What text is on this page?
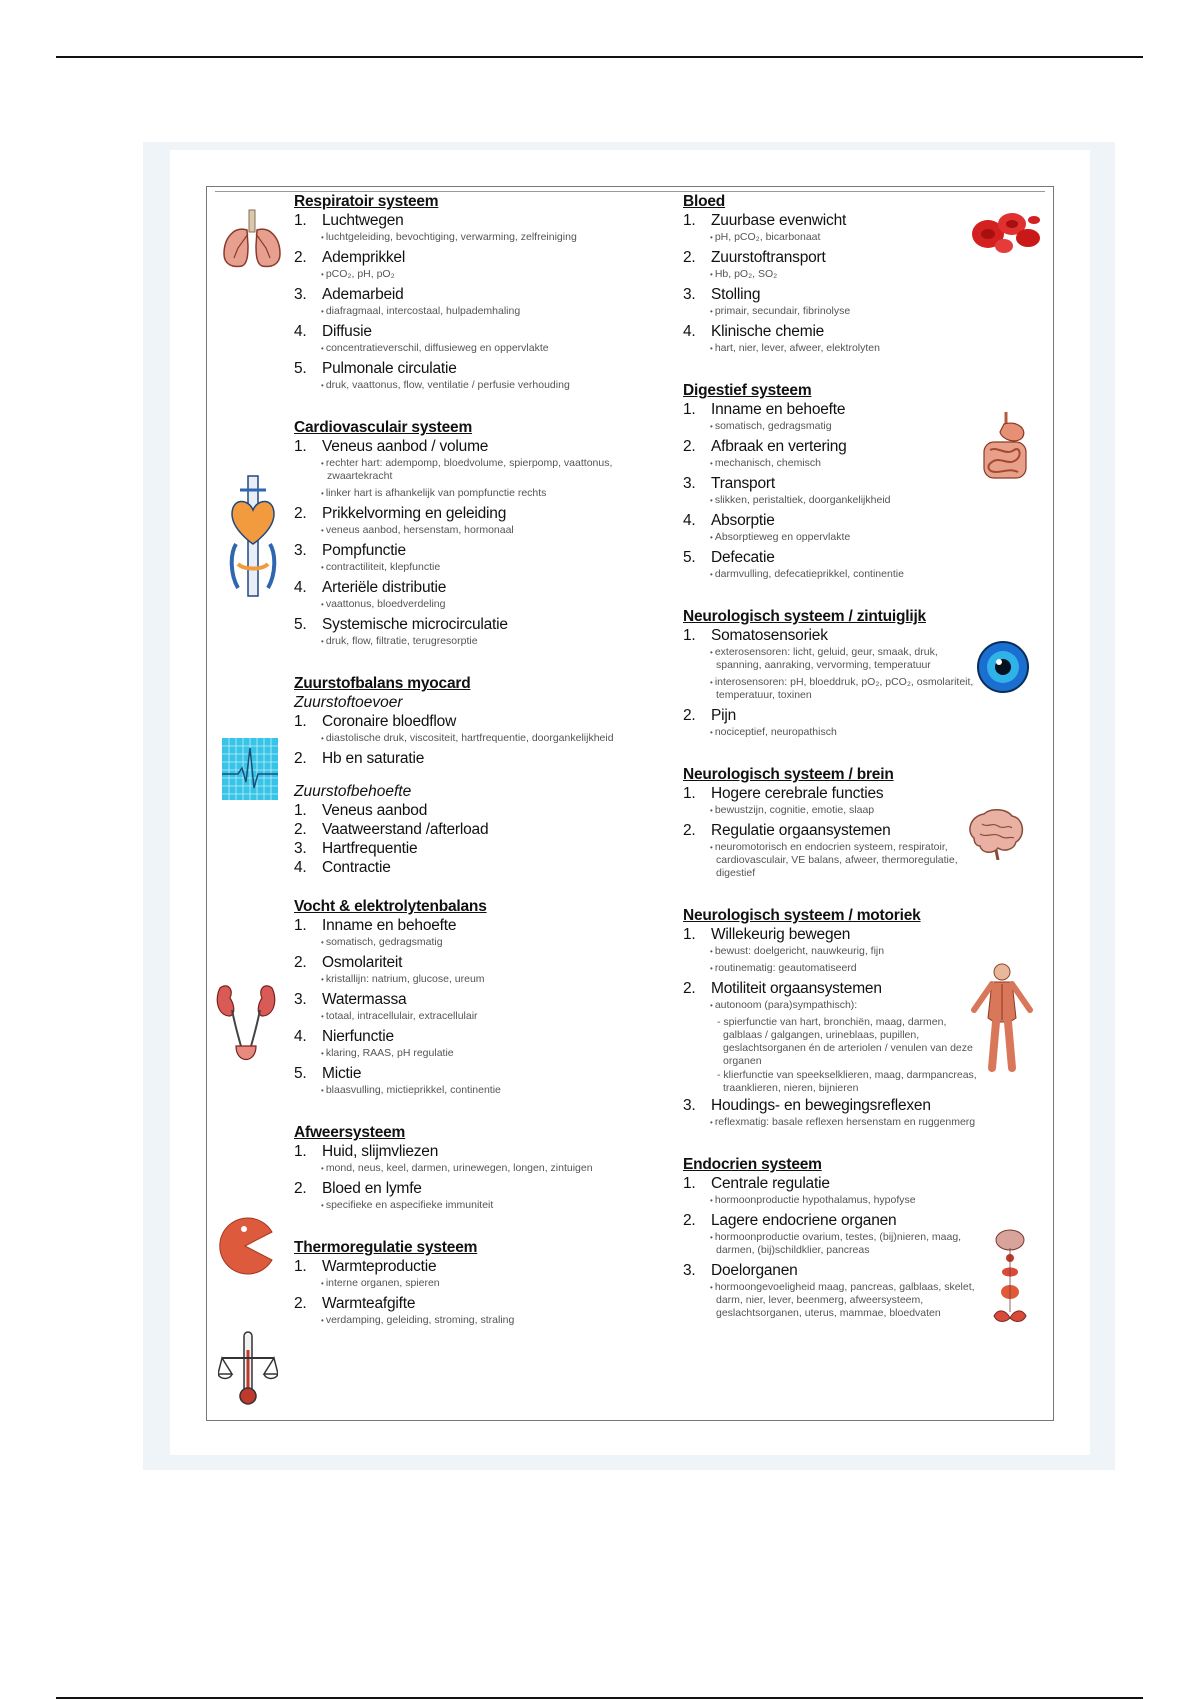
Respiratoir systeem
1. Luchtwegen
• luchtgeleiding, bevochtiging, verwarming, zelfreiniging
2. Ademprikkel
• pCO₂, pH, pO₂
3. Ademarbeid
• diafragmaal, intercostaal, hulpademhaling
4. Diffusie
• concentratieverschil, diffusieweg en oppervlakte
5. Pulmonale circulatie
• druk, vaattonus, flow, ventilatie / perfusie verhouding
Cardiovasculair systeem
1. Veneus aanbod / volume
• rechter hart: adempomp, bloedvolume, spierpomp, vaattonus, zwaartekracht
• linker hart is afhankelijk van pompfunctie rechts
2. Prikkelvorming en geleiding
• veneus aanbod, hersenstam, hormonaal
3. Pompfunctie
• contractiliteit, klepfunctie
4. Arteriële distributie
• vaattonus, bloedverdeling
5. Systemische microcirculatie
• druk, flow, filtratie, terugresorptie
Zuurstofbalans myocard
Zuurstoftoevoer
1. Coronaire bloedflow
• diastolische druk, viscositeit, hartfrequentie, doorgankelijkheid
2. Hb en saturatie
Zuurstofbehoefte
1. Veneus aanbod
2. Vaatweerstand /afterload
3. Hartfrequentie
4. Contractie
Vocht & elektrolytenbalans
1. Inname en behoefte
• somatisch, gedragsmatig
2. Osmolariteit
• kristallijn: natrium, glucose, ureum
3. Watermassa
• totaal, intracellulair, extracellulair
4. Nierfunctie
• klaring, RAAS, pH regulatie
5. Mictie
• blaasvulling, mictieprikkel, continentie
Afweersysteem
1. Huid, slijmvliezen
• mond, neus, keel, darmen, urinewegen, longen, zintuigen
2. Bloed en lymfe
• specifieke en aspecifieke immuniteit
Thermoregulatie systeem
1. Warmteproductie
• interne organen, spieren
2. Warmteafgifte
• verdamping, geleiding, stroming, straling
Bloed
1. Zuurbase evenwicht
• pH, pCO₂, bicarbonaat
2. Zuurstoftransport
• Hb, pO₂, SO₂
3. Stolling
• primair, secundair, fibrinolyse
4. Klinische chemie
• hart, nier, lever, afweer, elektrolyten
Digestief systeem
1. Inname en behoefte
• somatisch, gedragsmatig
2. Afbraak en vertering
• mechanisch, chemisch
3. Transport
• slikken, peristaltiek, doorgankelijkheid
4. Absorptie
• Absorptieweg en oppervlakte
5. Defecatie
• darmvulling, defecatieprikkel, continentie
Neurologisch systeem / zintuiglijk
1. Somatosensoriek
• exterosensoren: licht, geluid, geur, smaak, druk, spanning, aanraking, vervorming, temperatuur
• interosensoren: pH, bloeddruk, pO₂, pCO₂, osmolariteit, temperatuur, toxinen
2. Pijn
• nociceptief, neuropathisch
Neurologisch systeem / brein
1. Hogere cerebrale functies
• bewustzijn, cognitie, emotie, slaap
2. Regulatie orgaansystemen
• neuromotorisch en endocrien systeem, respiratoir, cardiovasculair, VE balans, afweer, thermoregulatie, digestief
Neurologisch systeem / motoriek
1. Willekeurig bewegen
• bewust: doelgericht, nauwkeurig, fijn
• routinematig: geautomatiseerd
2. Motiliteit orgaansystemen
• autonoom (para)sympathisch):
- spierfunctie van hart, bronchiën, maag, darmen, galblaas / galgangen, urineblaas, pupillen, geslachtsorganen én de arteriolen / venulen van deze organen
- klierfunctie van speekselklieren, maag, darmpancreas, traanklieren, nieren, bijnieren
3. Houdings- en bewegingsreflexen
• reflexmatig: basale reflexen hersenstam en ruggenmerg
Endocrien systeem
1. Centrale regulatie
• hormoonproductie hypothalamus, hypofyse
2. Lagere endocriene organen
• hormoonproductie ovarium, testes, (bij)nieren, maag, darmen, (bij)schildklier, pancreas
3. Doelorganen
• hormoongevoeligheid maag, pancreas, galblaas, skelet, darm, nier, lever, beenmerg, afweersysteem, geslachtsorganen, uterus, mammae, bloedvaten
